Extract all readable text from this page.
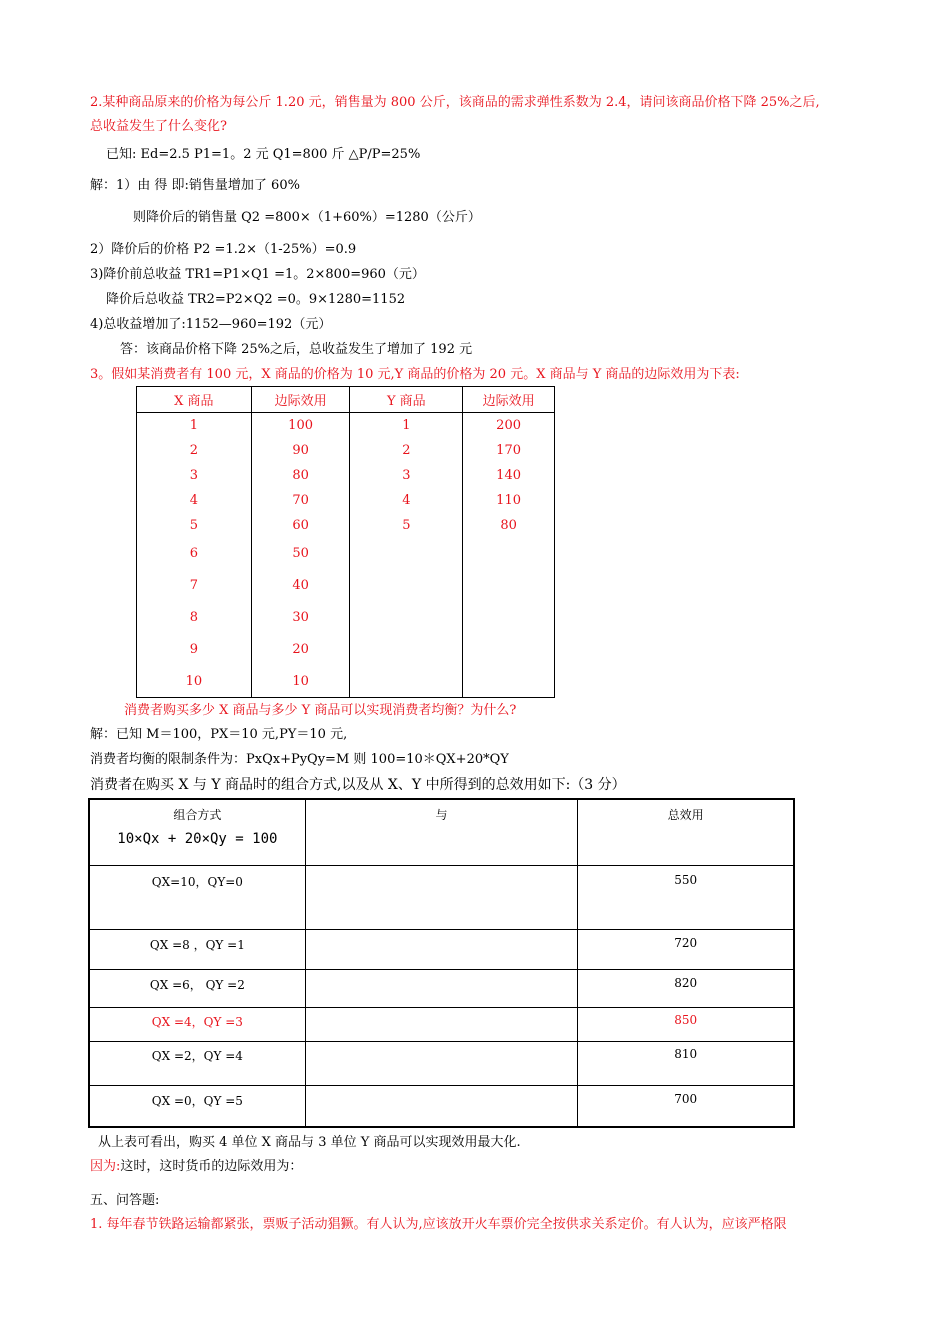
2.某种商品原来的价格为每公斤 1.20 元，销售量为 800 公斤，该商品的需求弹性系数为 2.4，请问该商品价格下降 25%之后,
总收益发生了什么变化?
已知: Ed=2.5 P1=1。2 元 Q1=800 斤 △P/P=25%
解：1）由 得 即:销售量增加了 60%
则降价后的销售量 Q2 =800×（1+60%）=1280（公斤）
2）降价后的价格 P2 =1.2×（1-25%）=0.9
3)降价前总收益 TR1=P1×Q1 =1。2×800=960（元）
降价后总收益 TR2=P2×Q2 =0。9×1280=1152
4)总收益增加了:1152—960=192（元）
答：该商品价格下降 25%之后，总收益发生了增加了 192 元
3。假如某消费者有 100 元，X 商品的价格为 10 元,Y 商品的价格为 20 元。X 商品与 Y 商品的边际效用为下表:
X 商品	边际效用	Y 商品	边际效用
1	100	1	200
2	90	2	170
3	80	3	140
4	70	4	110
5	60	5	80
6	50		
7	40		
8	30		
9	20		
10	10		
消费者购买多少 X 商品与多少 Y 商品可以实现消费者均衡？为什么?
解：已知 M＝100，PX＝10 元,PY＝10 元,
消费者均衡的限制条件为：PxQx+PyQy=M 则 100=10＊QX+20*QY
消费者在购买 X 与 Y 商品时的组合方式,以及从 X、Y 中所得到的总效用如下:（3 分）
组合方式
10×Qx + 20×Qy = 100	与	总效用
QX=10，QY=0		550
QX =8 ，QY =1		720
QX =6， QY =2		820
QX =4，QY =3		850
QX =2，QY =4		810
QX =0，QY =5		700
从上表可看出，购买 4 单位 X 商品与 3 单位 Y 商品可以实现效用最大化.
因为:这时，这时货币的边际效用为：
五、问答题:
1. 每年春节铁路运输都紧张，票贩子活动猖獗。有人认为,应该放开火车票价完全按供求关系定价。有人认为，应该严格限
